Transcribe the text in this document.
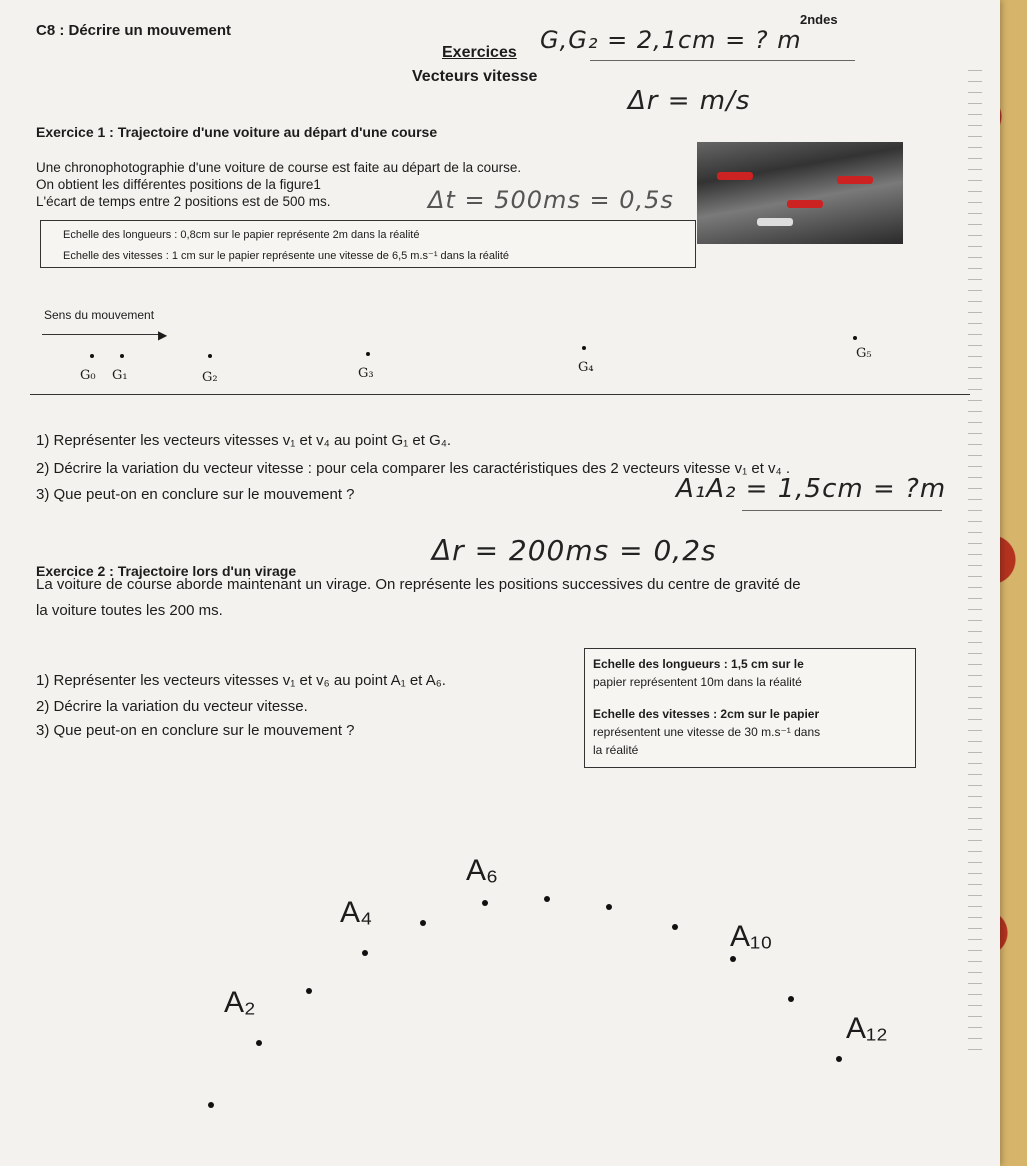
C8 : Décrire un mouvement
2ndes
Exercices
Vecteurs vitesse
G,G₂ = 2,1cm = ? m
Δr = m/s
Exercice 1 : Trajectoire d'une voiture au départ d'une course
Une chronophotographie d'une voiture de course est faite au départ de la course.
On obtient les différentes positions de la figure1
L'écart de temps entre 2 positions est de 500 ms.	Δt = 500ms = 0,5s
Echelle des longueurs : 0,8cm sur le papier représente 2m dans la réalité
Echelle des vitesses : 1 cm sur le papier représente une vitesse de 6,5 m.s⁻¹ dans la réalité
Sens du mouvement
▶
G₀ G₁	G₂	G₃	G₄
G₅
1) Représenter les vecteurs vitesses v₁ et v₄ au point G₁ et G₄.
2) Décrire la variation du vecteur vitesse : pour cela comparer les caractéristiques des 2 vecteurs vitesse v₁ et v₄ .
3) Que peut-on en conclure sur le mouvement ?	A₁A₂ = 1,5cm = ?m
Δr = 200ms = 0,2s
Exercice 2 : Trajectoire lors d'un virage
La voiture de course aborde maintenant un virage. On représente les positions successives du centre de gravité de
la voiture toutes les 200 ms.
1) Représenter les vecteurs vitesses v₁ et v₆ au point A₁ et A₆.
2) Décrire la variation du vecteur vitesse.
3) Que peut-on en conclure sur le mouvement ?
Echelle des longueurs : 1,5 cm sur le
papier représentent 10m dans la réalité
Echelle des vitesses : 2cm sur le papier
représentent une vitesse de 30 m.s⁻¹ dans
la réalité
A₂
A₄
A₆
A₁₀
A₁₂
